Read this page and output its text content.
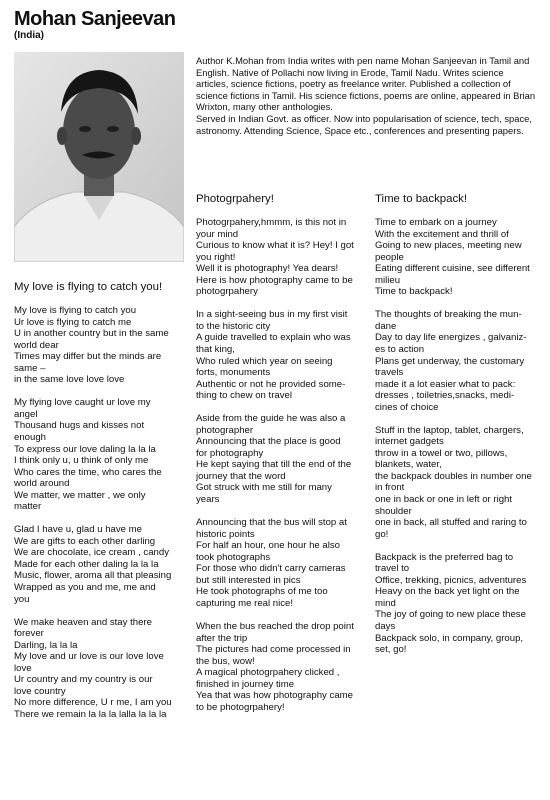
Mohan Sanjeevan
(India)

Author K.Mohan from India writes with pen name Mohan Sanjeevan in Tamil and English. Native of Pollachi now living in Erode, Tamil Nadu. Writes science articles, science fictions, poetry as freelance writer. Published a collection of science fictions in Tamil. His science fictions, poems are online, appeared in Brian Wrixton, many other anthologies.

Served in Indian Govt. as officer. Now into popularisation of science, tech, space, astronomy. Attending Science, Space etc., conferences and presenting papers.

My love is flying to catch you!
My love is flying to catch you
Ur love is flying to catch me
U in another country but in the same
world dear
Times may differ but the minds are
same –
in the same love love love
My flying love caught ur love my
angel
Thousand hugs and kisses not
enough
To express our love daling la la la
I think only u, u think of only me
Who cares the time, who cares the
world around
We matter, we matter , we only
matter
Glad I have u, glad u have me
We are gifts to each other darling
We are chocolate, ice cream , candy
Made for each other daling la la la
Music, flower, aroma all that pleasing
Wrapped as you and me, me and
you
We make heaven and stay there
forever
Darling, la la la
My love and ur love is our love love
love
Ur country and my country is our
love country
No more difference, U r me, I am you
There we remain la la la lalla la la la
Photogrpahery!
Photogrpahery,hmmm, is this not in
your mind
Curious to know what it is? Hey! I got
you right!
Well it is photography! Yea dears!
Here is how photography came to be
photogrpahery
In a sight-seeing bus in my first visit
to the historic city
A guide travelled to explain who was
that king,
Who ruled which year on seeing
forts, monuments
Authentic or not he provided some-
thing to chew on travel
Aside from the guide he was also a
photographer
Announcing that the place is good
for photography
He kept saying that till the end of the
journey that the word
Got struck with me still for many
years
Announcing that the bus will stop at
historic points
For half an hour, one hour he also
took photographs
For those who didn't carry cameras
but still interested in pics
He took photographs of me too
capturing me real nice!
When the bus reached the drop point
after the trip
The pictures had come processed in
the bus, wow!
A magical photogrpahery clicked ,
finished in journey time
Yea that was how photography came
to be photogrpahery!
Time to backpack!
Time to embark on a journey
With the excitement and thrill of
Going to new places, meeting new
people
Eating different cuisine, see different
milieu
Time to backpack!
The thoughts of breaking the mun-
dane
Day to day life energizes , galvaniz-
es to action
Plans get underway, the customary
travels
made it a lot easier what to pack:
dresses , toiletries,snacks, medi-
cines of choice
Stuff in the laptop, tablet, chargers,
internet gadgets
throw in a towel or two, pillows,
blankets, water,
the backpack doubles in number one
in front
one in back or one in left or right
shoulder
one in back, all stuffed and raring to
go!
Backpack is the preferred bag to
travel to
Office, trekking, picnics, adventures
Heavy on the back yet light on the
mind
The joy of going to new place these
days
Backpack solo, in company, group,
set, go!
